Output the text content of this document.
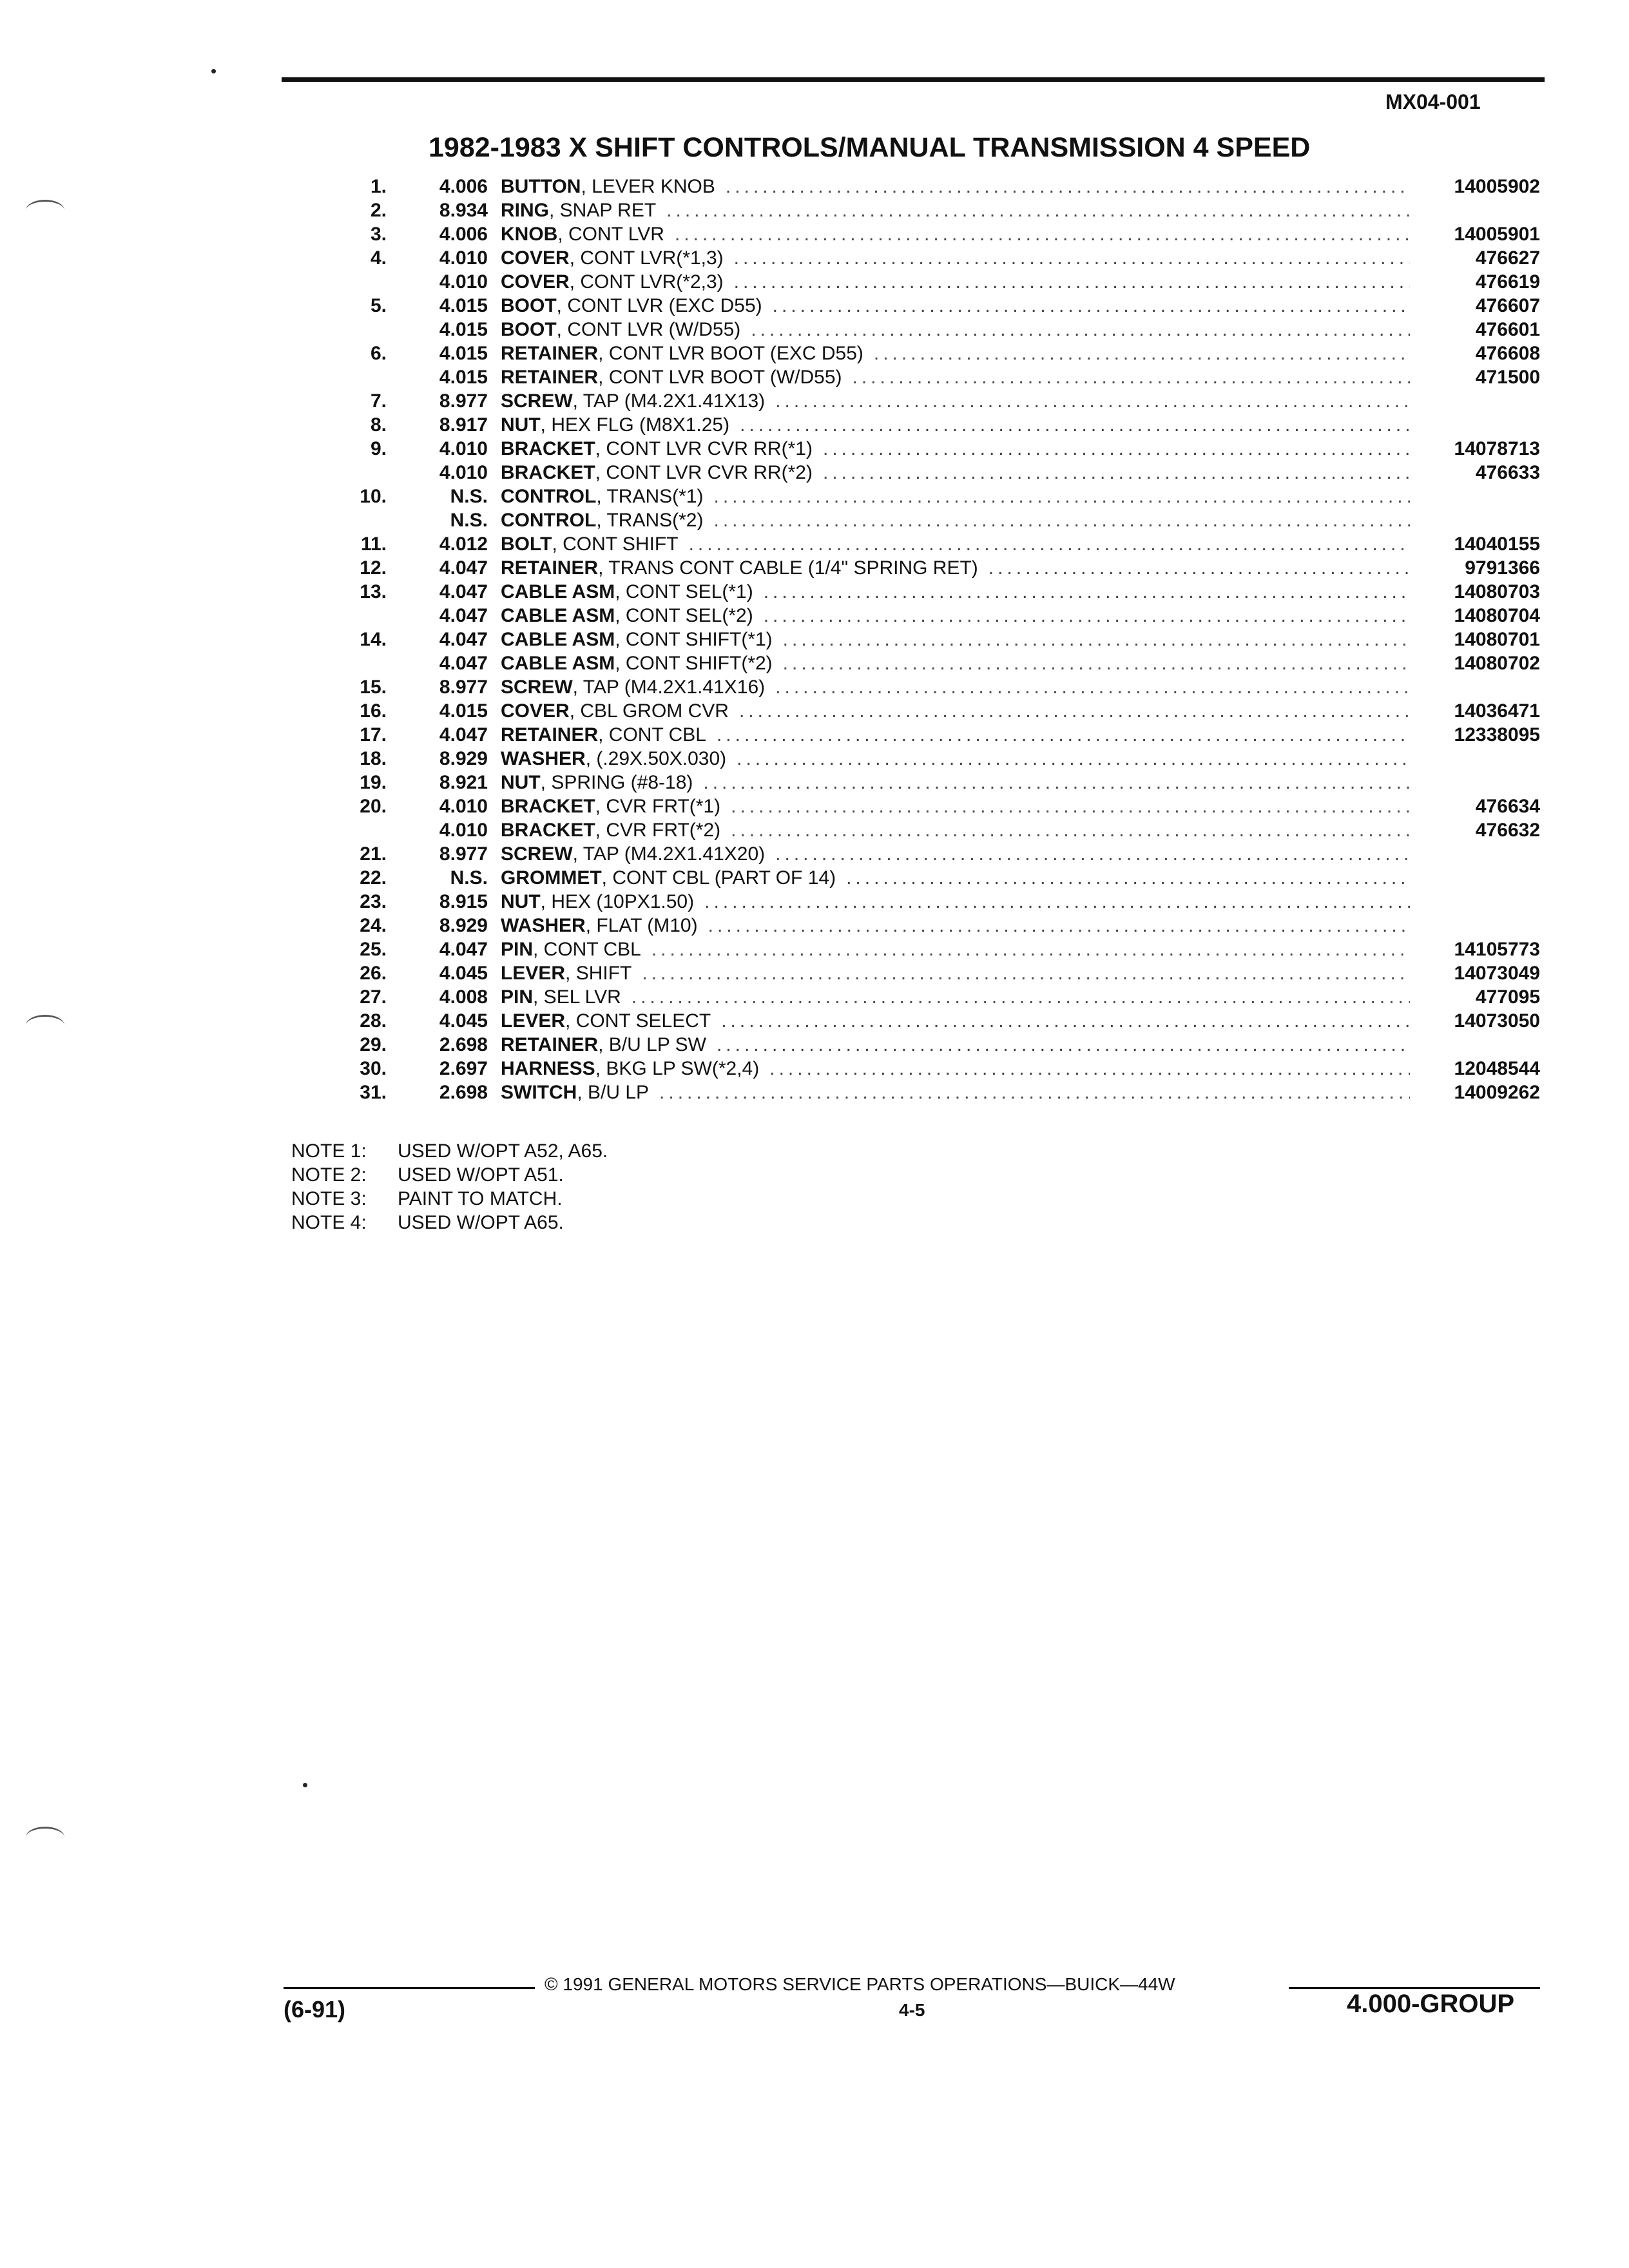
MX04-001
1982-1983 X SHIFT CONTROLS/MANUAL TRANSMISSION 4 SPEED
1.	4.006 BUTTON , LEVER KNOB .....	14005902
2.	8.934 RING , SNAP RET
.....
3.	4.006 KNOB , CONT LVR .....	14005901
4.	4.010 COVER , CONT LVR(*1,3) .....	476627
4.010 COVER , CONT LVR(*2,3) .....	476619
5.	4.015 BOOT , CONT LVR (EXC D55) .....	476607
4.015 BOOT , CONT LVR (W/D55) .....	476601
6.	4.015 RETAINER , CONT LVR BOOT (EXC D55) .....	476608
4.015 RETAINER , CONT LVR BOOT (W/D55) .....	471500
7.	8.977 SCREW , TAP (M4.2X1.41X13)
.....
8.	8.917 NUT , HEX FLG (M8X1.25)
.....
9.	4.010 BRACKET , CONT LVR CVR RR(*1) .....	14078713
4.010 BRACKET , CONT LVR CVR RR(*2) .....	476633
10.	N.S. CONTROL , TRANS(*1)
.....
N.S. CONTROL , TRANS(*2)
.....
11.	4.012 BOLT , CONT SHIFT .....	14040155
12.	4.047 RETAINER , TRANS CONT CABLE (1/4" SPRING RET) .....	9791366
13.	4.047 CABLE ASM , CONT SEL(*1) .....	14080703
4.047 CABLE ASM , CONT SEL(*2) .....	14080704
14.	4.047 CABLE ASM , CONT SHIFT(*1) .....	14080701
4.047 CABLE ASM , CONT SHIFT(*2) .....	14080702
15.	8.977 SCREW , TAP (M4.2X1.41X16)
.....
16.	4.015 COVER , CBL GROM CVR .....	14036471
17.	4.047 RETAINER , CONT CBL .....	12338095
18.	8.929 WASHER , (.29X.50X.030)
.....
19.	8.921 NUT , SPRING (#8-18)
.....
20.	4.010 BRACKET , CVR FRT(*1) .....	476634
4.010 BRACKET , CVR FRT(*2) .....	476632
21.	8.977 SCREW , TAP (M4.2X1.41X20)
.....
22.	N.S. GROMMET , CONT CBL (PART OF 14)
.....
23.	8.915 NUT , HEX (10PX1.50)
.....
24.	8.929 WASHER , FLAT (M10)
.....
25.	4.047 PIN , CONT CBL .....	14105773
26.	4.045 LEVER , SHIFT .....	14073049
27.	4.008 PIN , SEL LVR .....	477095
28.	4.045 LEVER , CONT SELECT .....	14073050
29.	2.698 RETAINER , B/U LP SW
.....
30.	2.697 HARNESS , BKG LP SW(*2,4) .....	12048544
31.	2.698 SWITCH , B/U LP .....	14009262
NOTE 1:	USED W/OPT A52, A65.
NOTE 2:	USED W/OPT A51.
NOTE 3:	PAINT TO MATCH.
NOTE 4:	USED W/OPT A65.
© 1991 GENERAL MOTORS SERVICE PARTS OPERATIONS—BUICK—44W
(6-91)	4-5	4.000-GROUP
